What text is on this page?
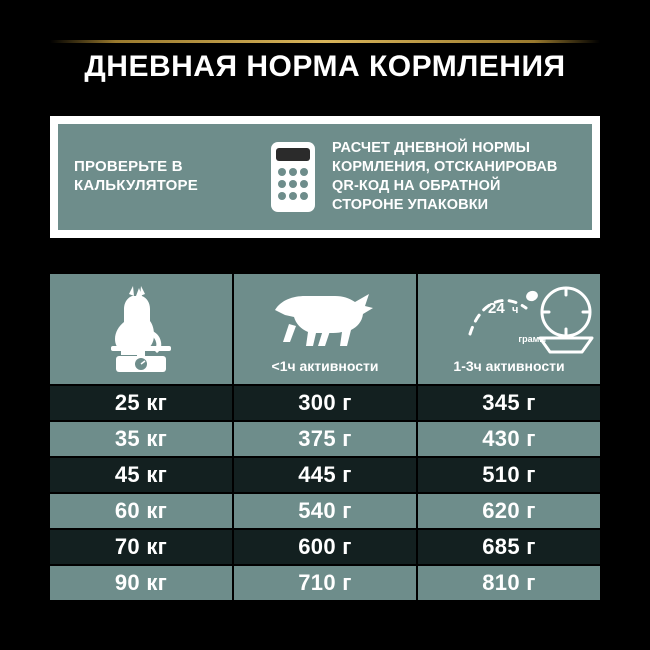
ДНЕВНАЯ НОРМА КОРМЛЕНИЯ
ПРОВЕРЬТЕ В КАЛЬКУЛЯТОРЕ
РАСЧЕТ ДНЕВНОЙ НОРМЫ КОРМЛЕНИЯ, ОТСКАНИРОВАВ QR-КОД НА ОБРАТНОЙ СТОРОНЕ УПАКОВКИ
<1ч активности
24 ч
грамм
1-3ч активности
25 кг	300 г	345 г
35 кг	375 г	430 г
45 кг	445 г	510 г
60 кг	540 г	620 г
70 кг	600 г	685 г
90 кг	710 г	810 г
